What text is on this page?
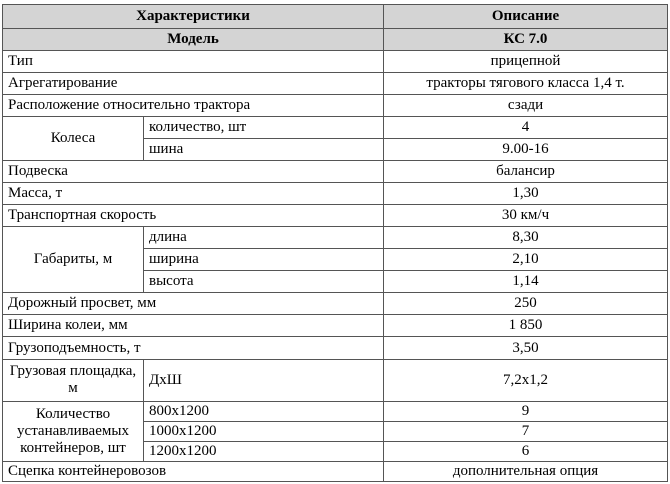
Характеристики		Описание
Модель		КС 7.0
Тип		прицепной
Агрегатирование		тракторы тягового класса 1,4 т.
Расположение относительно трактора		сзади
Колеса	количество, шт	4
	шина	9.00-16
Подвеска		балансир
Масса, т		1,30
Транспортная скорость		30 км/ч
Габариты, м	длина	8,30
	ширина	2,10
	высота	1,14
Дорожный просвет, мм		250
Ширина колеи, мм		1 850
Грузоподъемность, т		3,50
Грузовая площадка, м	ДхШ	7,2х1,2
Количество устанавливаемых контейнеров, шт	800х1200	9
	1000х1200	7
	1200х1200	6
Сцепка контейнеровозов		дополнительная опция
